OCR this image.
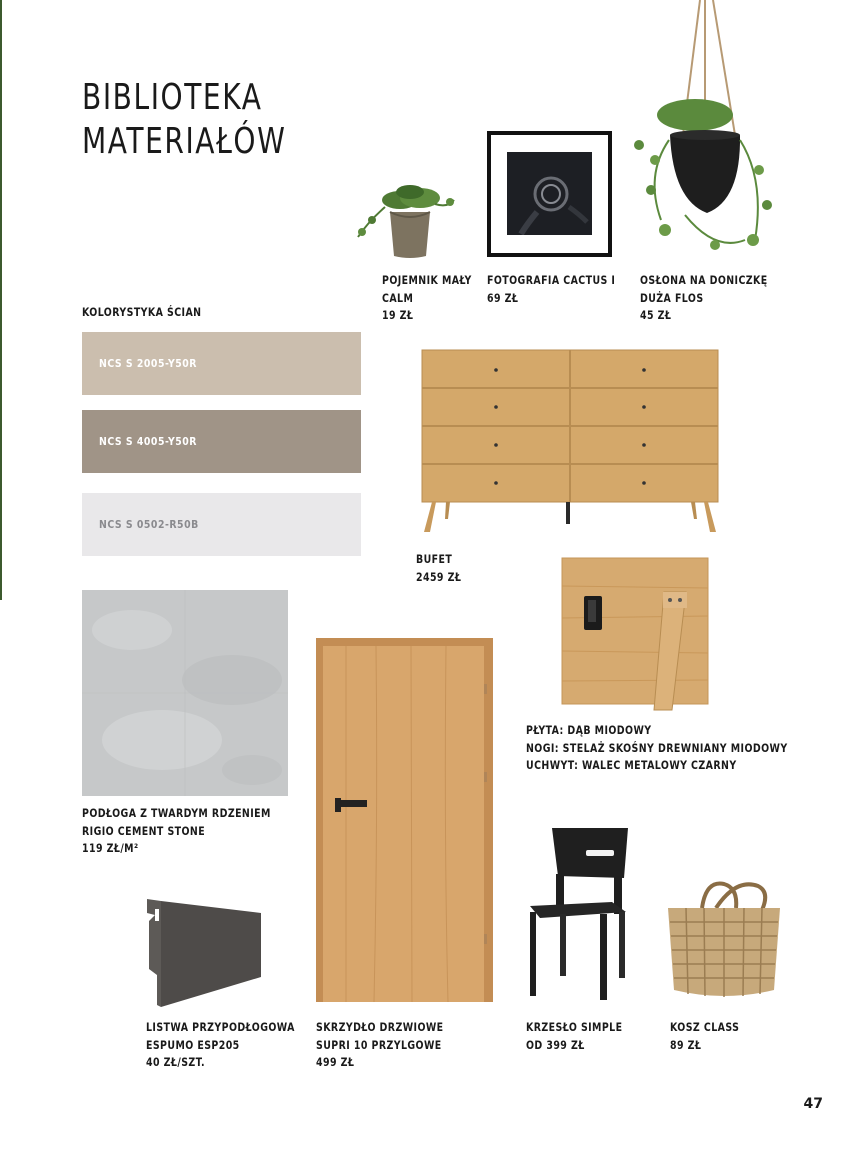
BIBLIOTEKA
MATERIAŁÓW
POJEMNIK MAŁY
CALM
19 ZŁ
FOTOGRAFIA CACTUS I
69 ZŁ
OSŁONA NA DONICZKĘ
DUŻA FLOS
45 ZŁ
KOLORYSTYKA ŚCIAN
NCS S 2005-Y50R
NCS S 4005-Y50R
NCS S 0502-R50B
BUFET
2459 ZŁ
PŁYTA: DĄB MIODOWY
NOGI: STELAŻ SKOŚNY DREWNIANY MIODOWY
UCHWYT: WALEC METALOWY CZARNY
PODŁOGA Z TWARDYM RDZENIEM
RIGIO CEMENT STONE
119 ZŁ/M²
SKRZYDŁO DRZWIOWE
SUPRI 10 PRZYLGOWE
499 ZŁ
LISTWA PRZYPODŁOGOWA
ESPUMO ESP205
40 ZŁ/SZT.
KRZESŁO SIMPLE
OD 399 ZŁ
KOSZ CLASS
89 ZŁ
47
